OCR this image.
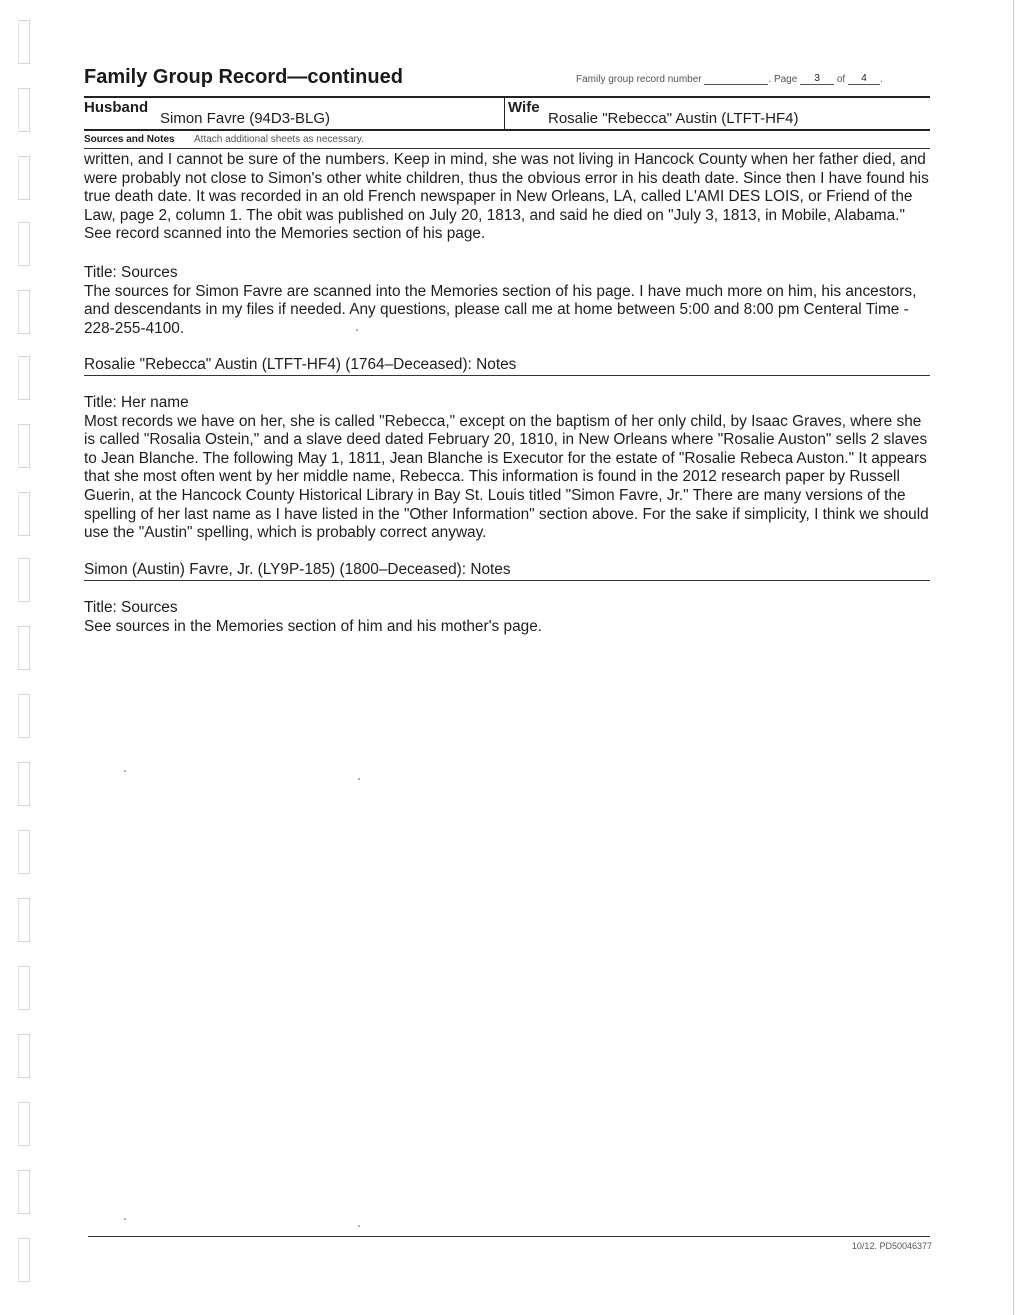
Family Group Record—continued	Family group record number	. Page 3 of 4 .
Husband
Simon Favre (94D3-BLG)
Wife
Rosalie "Rebecca" Austin (LTFT-HF4)
Sources and Notes Attach additional sheets as necessary.

written, and I cannot be sure of the numbers. Keep in mind, she was not living in Hancock County when her father died, and were probably not close to Simon's other white children, thus the obvious error in his death date. Since then I have found his true death date. It was recorded in an old French newspaper in New Orleans, LA, called L'AMI DES LOIS, or Friend of the Law, page 2, column 1. The obit was published on July 20, 1813, and said he died on "July 3, 1813, in Mobile, Alabama." See record scanned into the Memories section of his page.

Title: Sources

The sources for Simon Favre are scanned into the Memories section of his page. I have much more on him, his ancestors, and descendants in my files if needed. Any questions, please call me at home between 5:00 and 8:00 pm Centeral Time - 228-255-4100.

Rosalie "Rebecca" Austin (LTFT-HF4) (1764–Deceased): Notes

Title: Her name

Most records we have on her, she is called "Rebecca," except on the baptism of her only child, by Isaac Graves, where she is called "Rosalia Ostein," and a slave deed dated February 20, 1810, in New Orleans where "Rosalie Auston" sells 2 slaves to Jean Blanche. The following May 1, 1811, Jean Blanche is Executor for the estate of "Rosalie Rebeca Auston." It appears that she most often went by her middle name, Rebecca. This information is found in the 2012 research paper by Russell Guerin, at the Hancock County Historical Library in Bay St. Louis titled "Simon Favre, Jr." There are many versions of the spelling of her last name as I have listed in the "Other Information" section above. For the sake if simplicity, I think we should use the "Austin" spelling, which is probably correct anyway.

Simon (Austin) Favre, Jr. (LY9P-185) (1800–Deceased): Notes

Title: Sources

See sources in the Memories section of him and his mother's page.

10/12. PD50046377
